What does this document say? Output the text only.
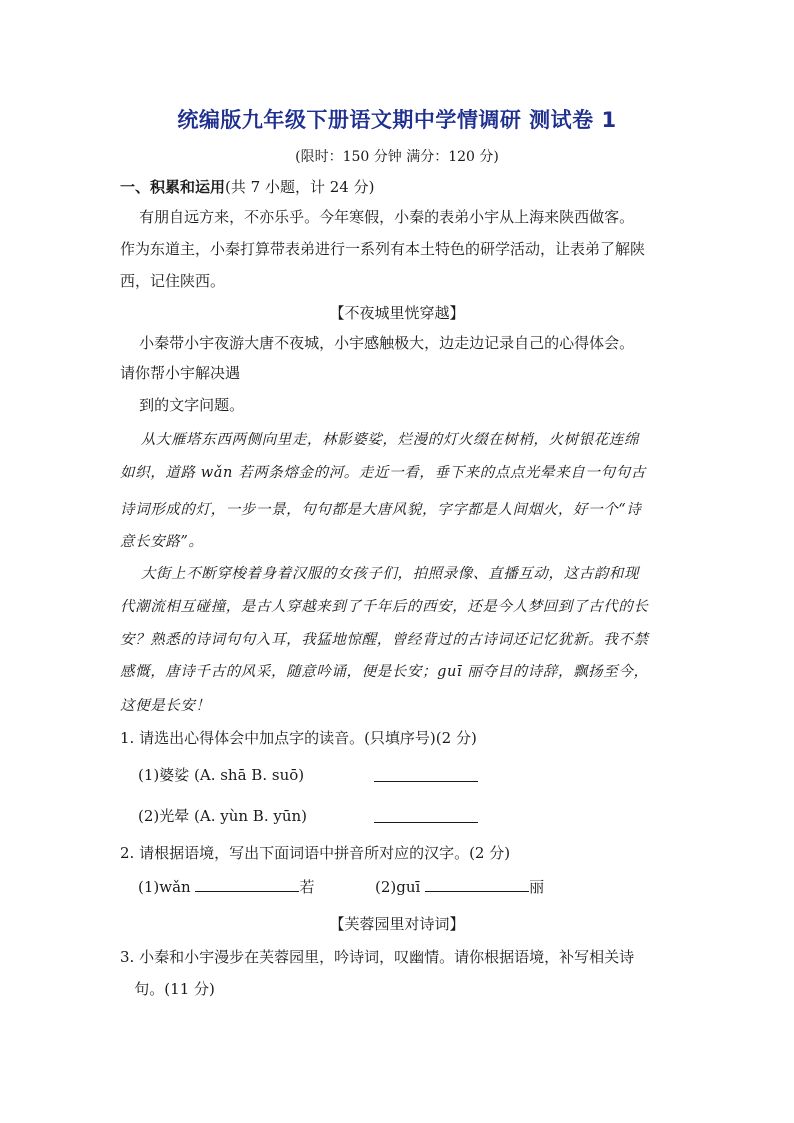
统编版九年级下册语文期中学情调研 测试卷 1
(限时：150 分钟 满分：120 分)
一、积累和运用(共 7 小题，计 24 分)
有朋自远方来，不亦乐乎。今年寒假，小秦的表弟小宇从上海来陕西做客。
作为东道主，小秦打算带表弟进行一系列有本土特色的研学活动，让表弟了解陕
西，记住陕西。
【不夜城里恍穿越】
小秦带小宇夜游大唐不夜城，小宇感触极大，边走边记录自己的心得体会。
请你帮小宇解决遇
到的文字问题。
从大雁塔东西两侧向里走，林影婆娑，烂漫的灯火缀在树梢，火树银花连绵
如织，道路 wǎn 若两条熔金的河。走近一看，垂下来的点点光晕来自一句句古
诗词形成的灯，一步一景，句句都是大唐风貌，字字都是人间烟火，好一个“诗
意长安路”。
大街上不断穿梭着身着汉服的女孩子们，拍照录像、直播互动，这古韵和现
代潮流相互碰撞，是古人穿越来到了千年后的西安，还是今人梦回到了古代的长
安？熟悉的诗词句句入耳，我猛地惊醒，曾经背过的古诗词还记忆犹新。我不禁
感慨，唐诗千古的风采，随意吟诵，便是长安；guī 丽夺目的诗辞，飘扬至今，
这便是长安！
1. 请选出心得体会中加点字的读音。(只填序号)(2 分)
(1)婆娑 (A. shā B. suō)
(2)光晕 (A. yùn B. yūn)
2. 请根据语境，写出下面词语中拼音所对应的汉字。(2 分)
(1)wǎn	若	(2)guī	丽
【芙蓉园里对诗词】
3. 小秦和小宇漫步在芙蓉园里，吟诗词，叹幽情。请你根据语境，补写相关诗
句。(11 分)
